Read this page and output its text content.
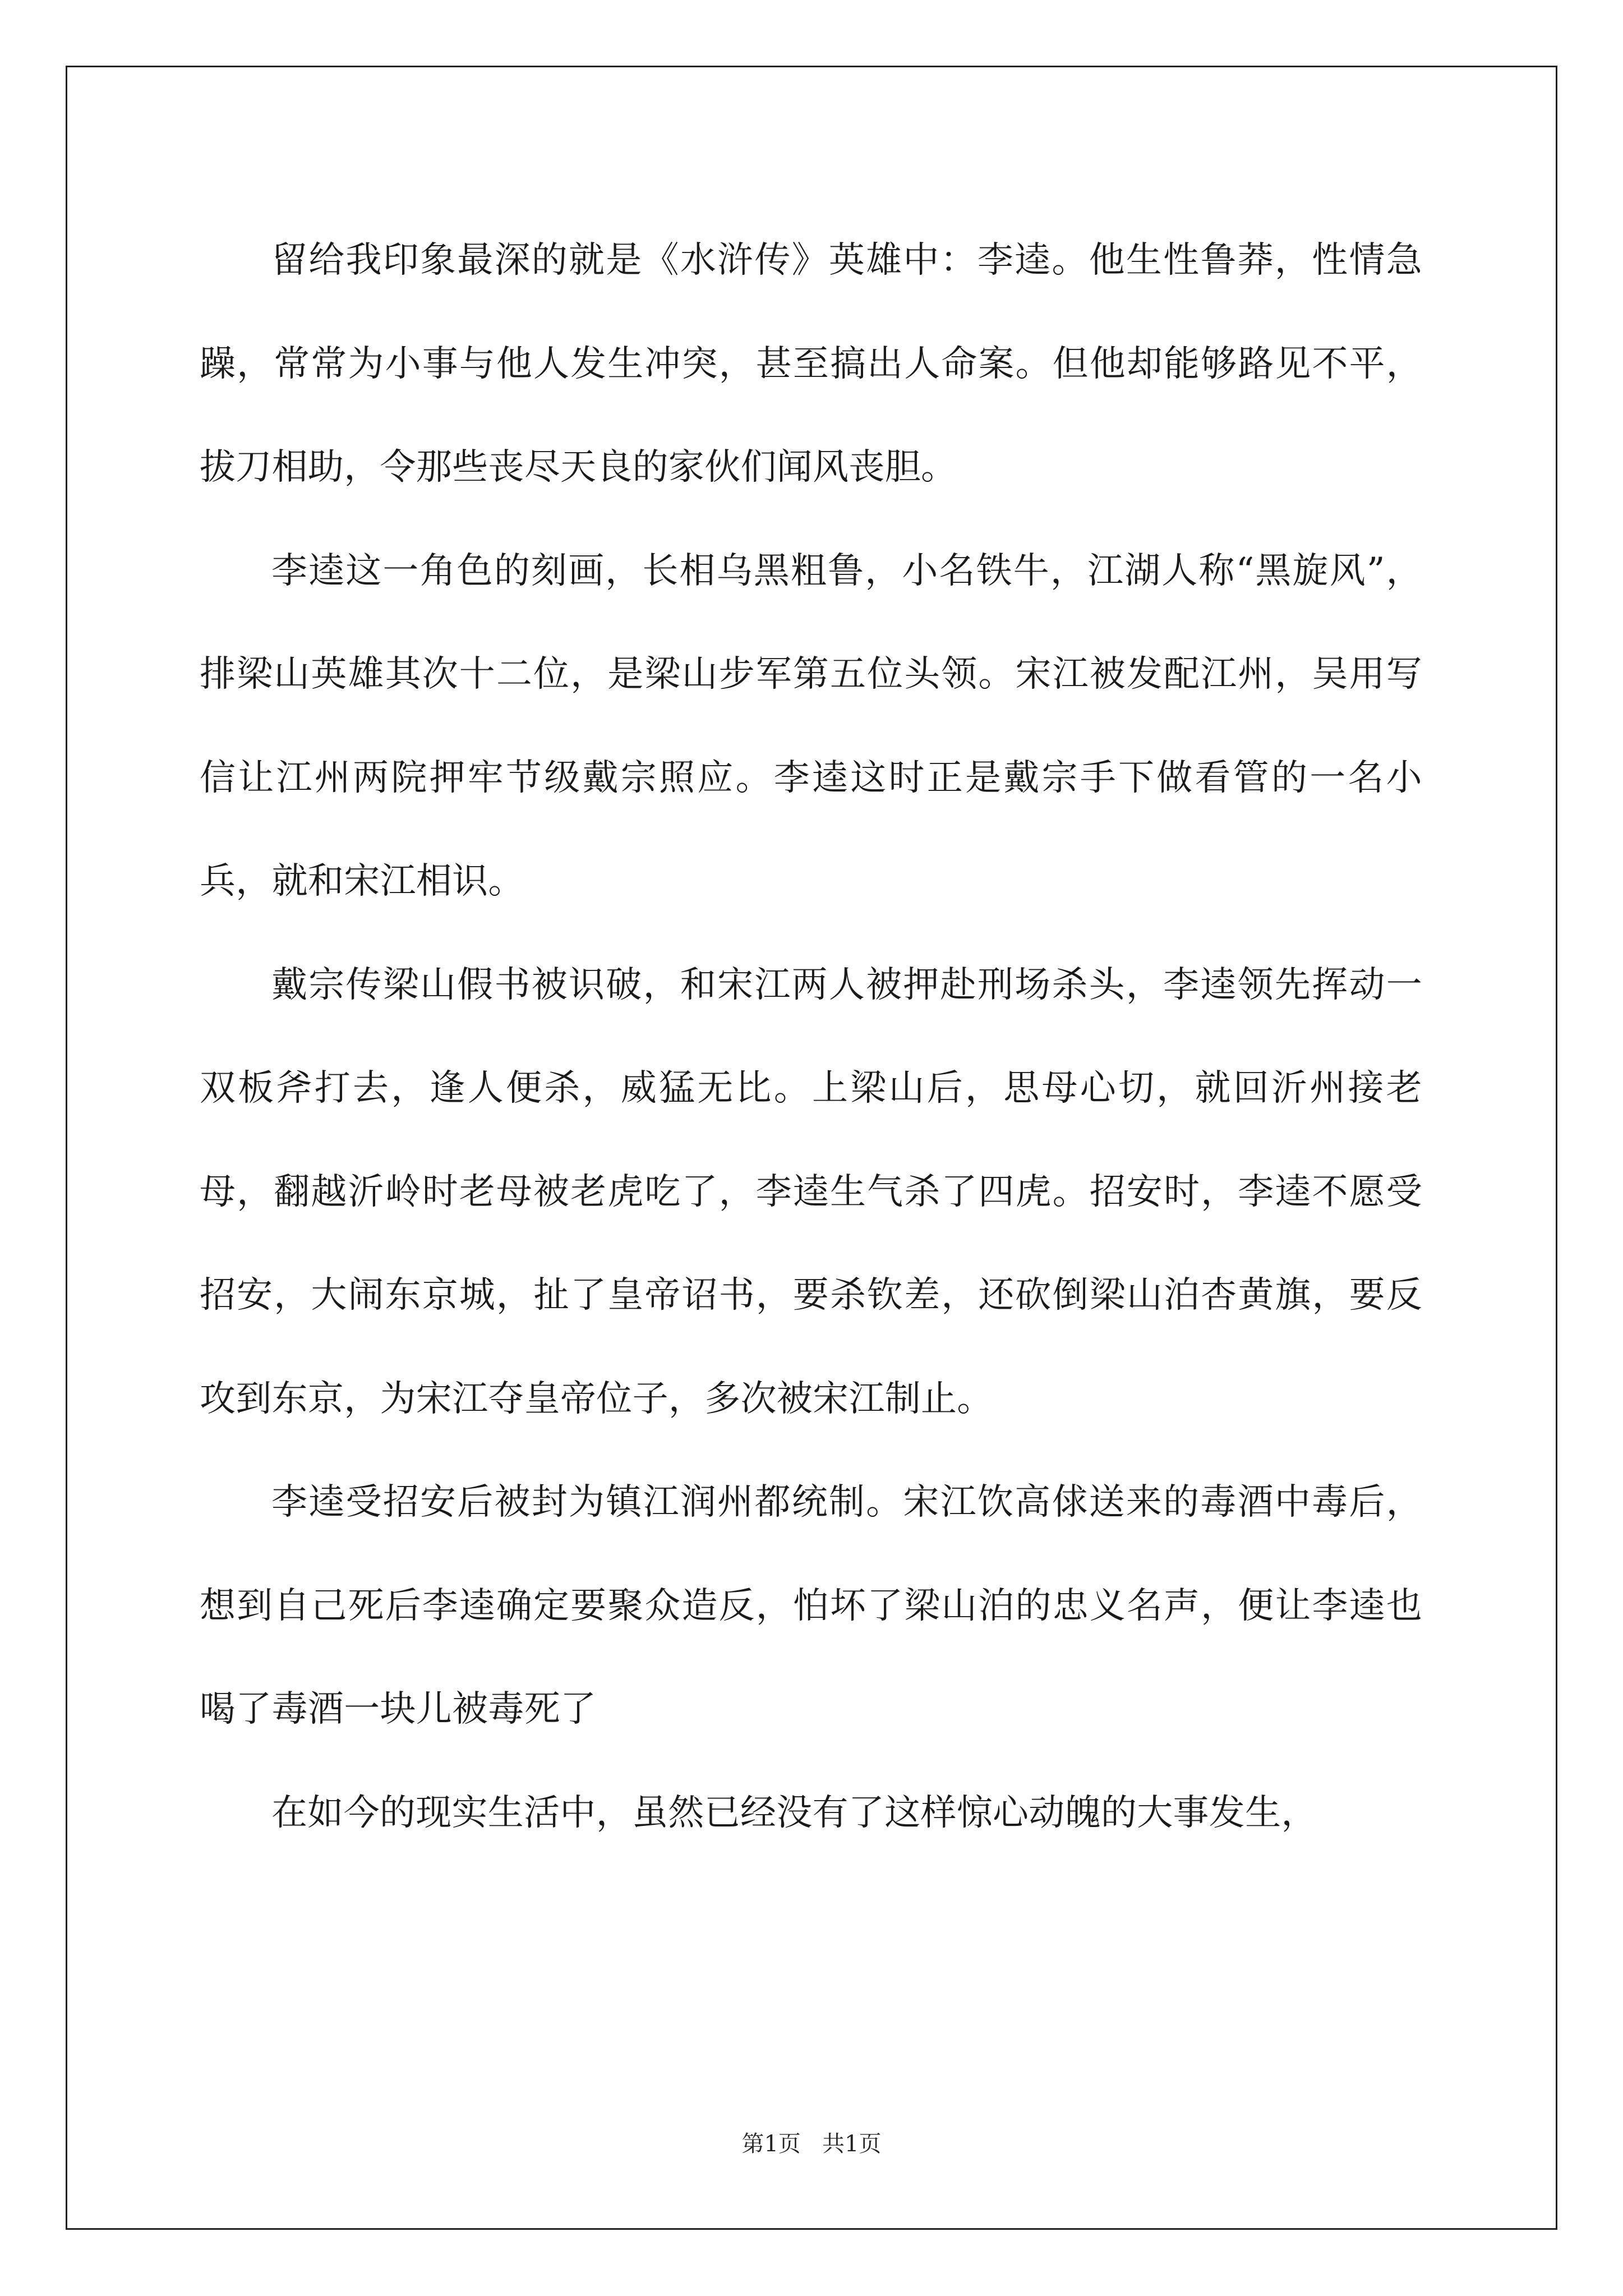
留给我印象最深的就是《水浒传》英雄中：李逵。他生性鲁莽，性情急躁，常常为小事与他人发生冲突，甚至搞出人命案。但他却能够路见不平，拔刀相助，令那些丧尽天良的家伙们闻风丧胆。

李逵这一角色的刻画，长相乌黑粗鲁，小名铁牛，江湖人称“黑旋风”，排梁山英雄其次十二位，是梁山步军第五位头领。宋江被发配江州，吴用写信让江州两院押牢节级戴宗照应。李逵这时正是戴宗手下做看管的一名小兵，就和宋江相识。

戴宗传梁山假书被识破，和宋江两人被押赴刑场杀头，李逵领先挥动一双板斧打去，逢人便杀，威猛无比。上梁山后，思母心切，就回沂州接老母，翻越沂岭时老母被老虎吃了，李逵生气杀了四虎。招安时，李逵不愿受招安，大闹东京城，扯了皇帝诏书，要杀钦差，还砍倒梁山泊杏黄旗，要反攻到东京，为宋江夺皇帝位子，多次被宋江制止。

李逵受招安后被封为镇江润州都统制。宋江饮高俅送来的毒酒中毒后，想到自己死后李逵确定要聚众造反，怕坏了梁山泊的忠义名声，便让李逵也喝了毒酒一块儿被毒死了

在如今的现实生活中，虽然已经没有了这样惊心动魄的大事发生，

第1页   共1页
